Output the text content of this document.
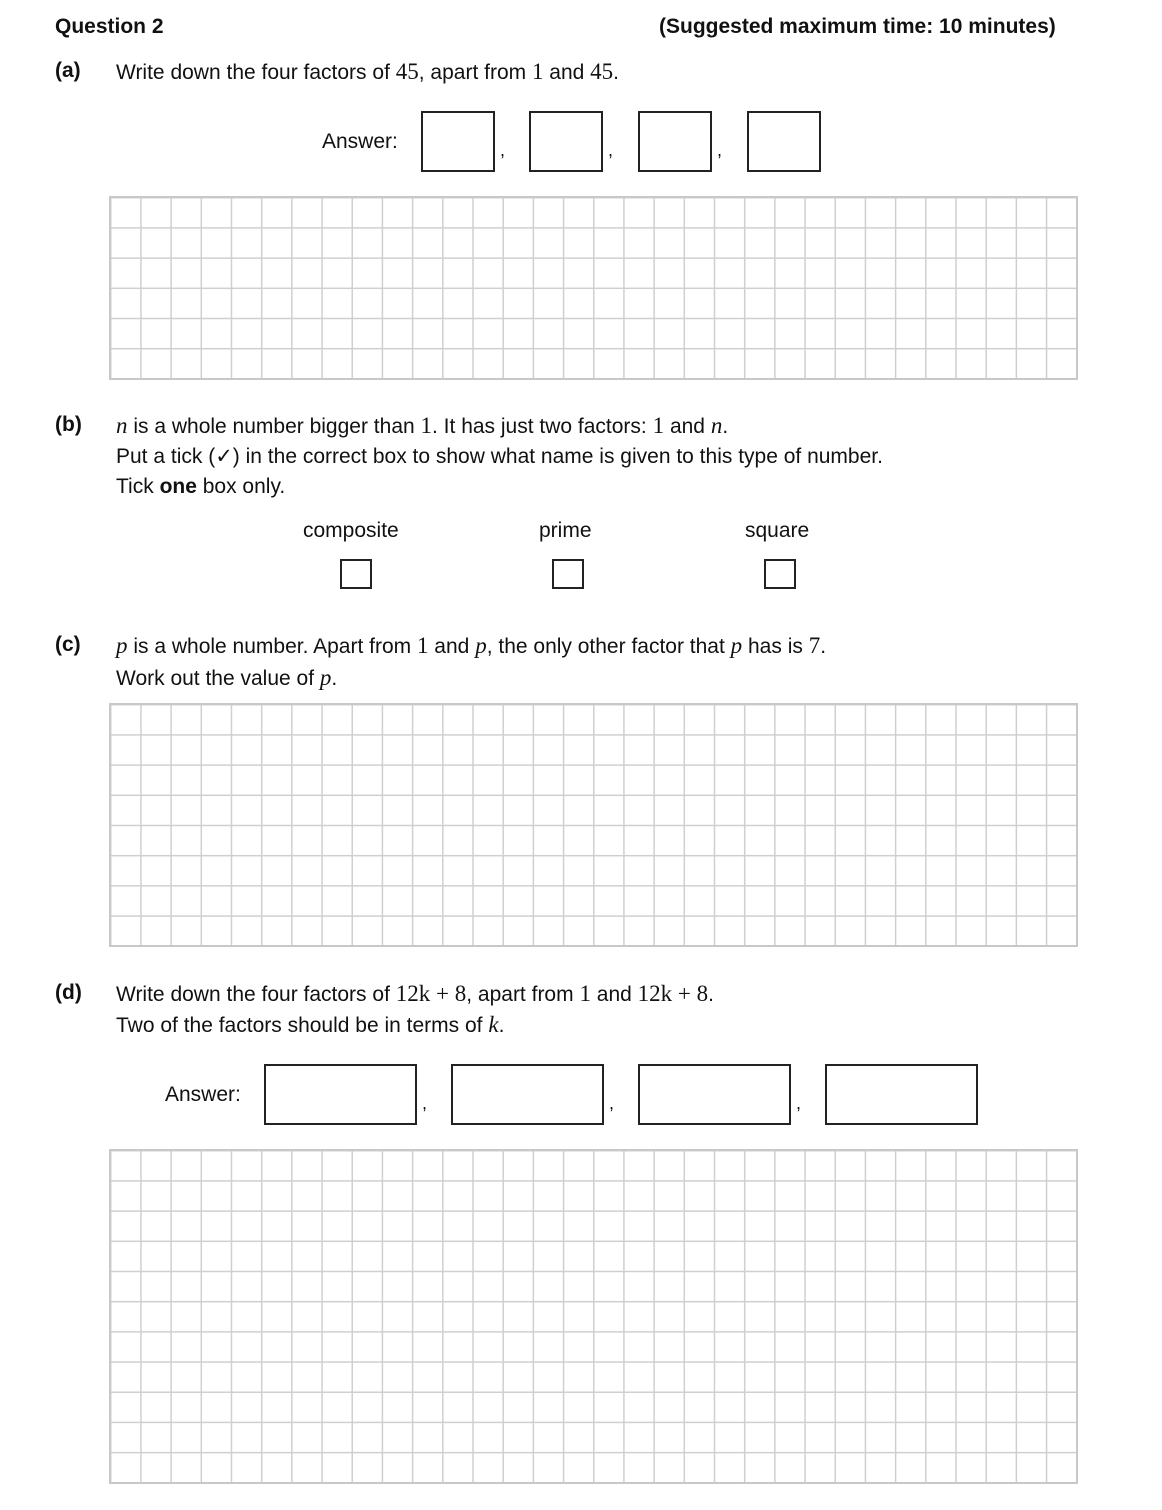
Question 2	(Suggested maximum time: 10 minutes)
(a) Write down the four factors of 45, apart from 1 and 45.
Answer:	,	,	,
(b) n is a whole number bigger than 1. It has just two factors: 1 and n.
Put a tick (✓) in the correct box to show what name is given to this type of number.
Tick one box only.
composite	prime	square
(c) p is a whole number. Apart from 1 and p, the only other factor that p has is 7.
Work out the value of p.
(d) Write down the four factors of 12k + 8, apart from 1 and 12k + 8.
Two of the factors should be in terms of k.
Answer:	,	,	,
